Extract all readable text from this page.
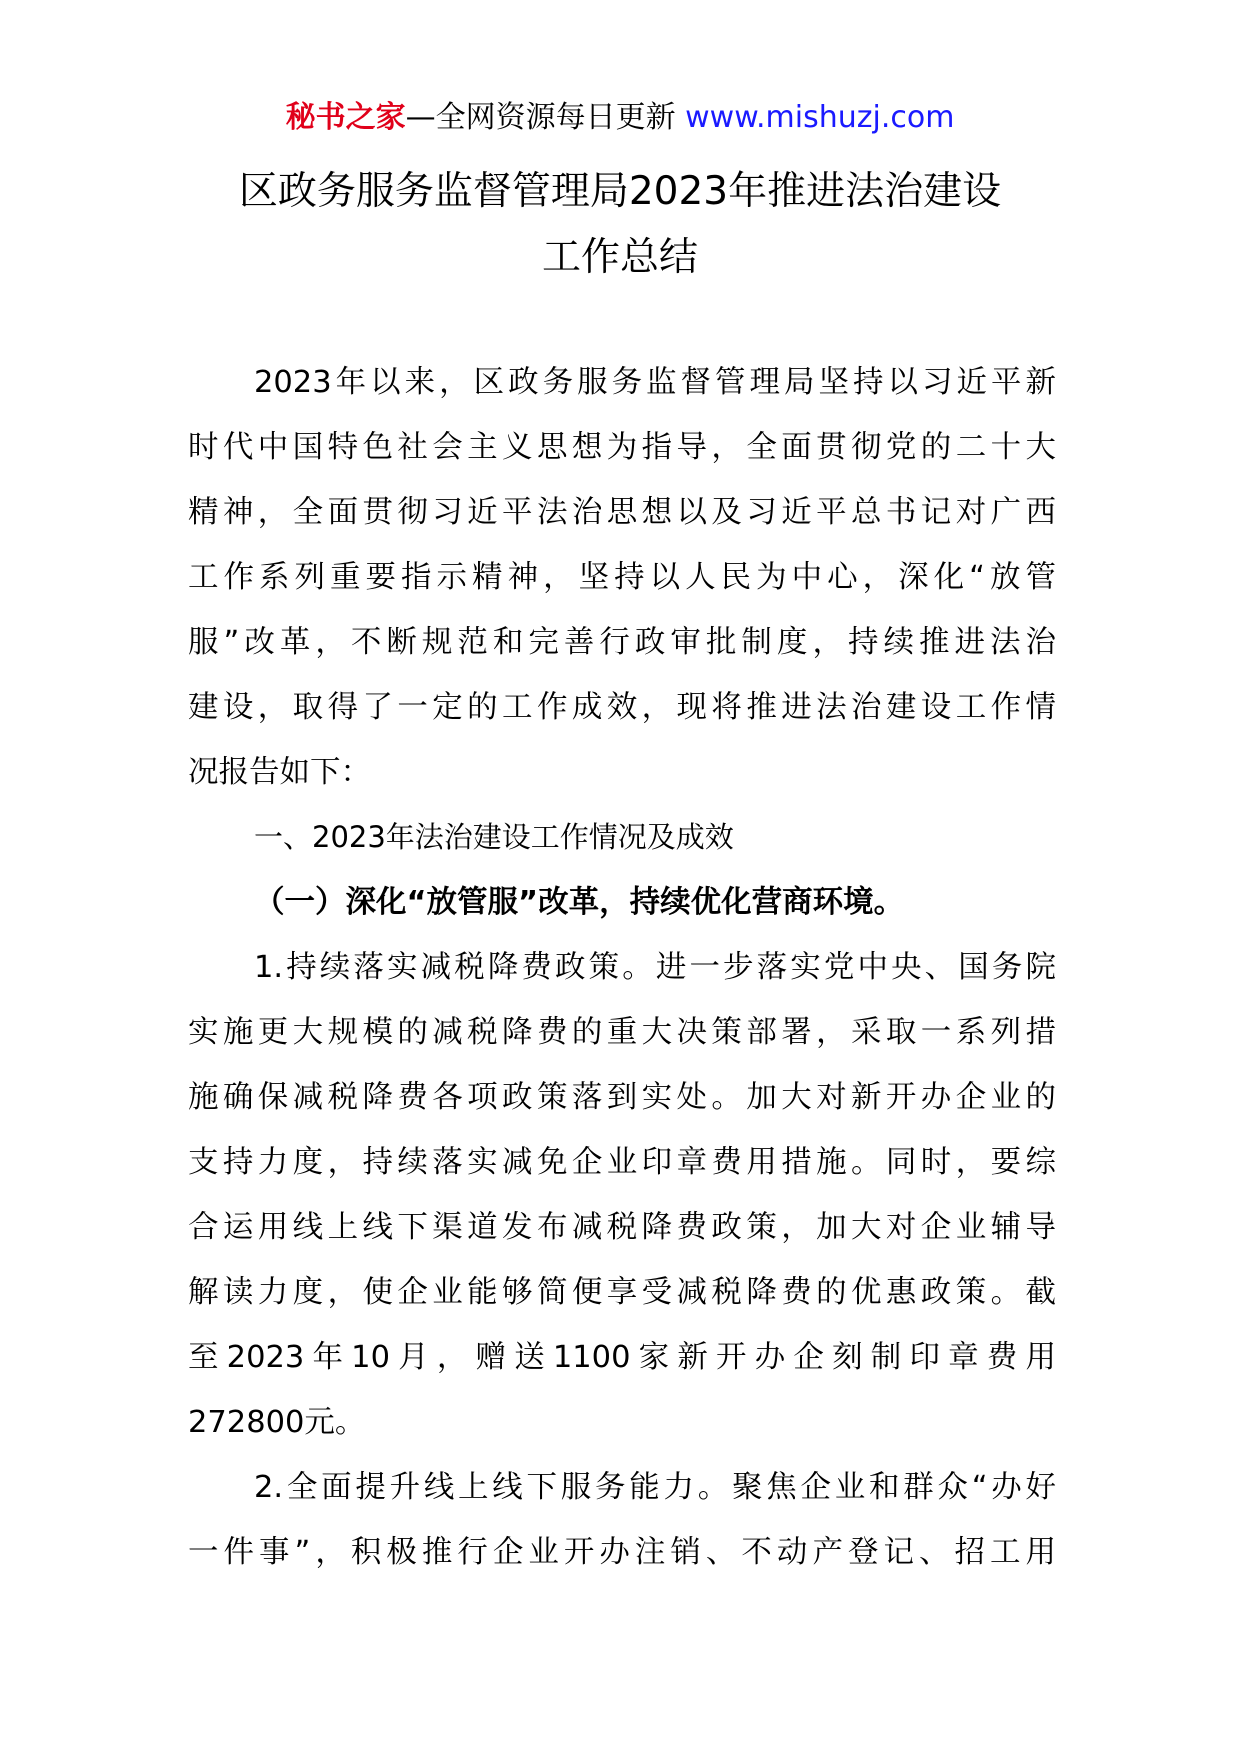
秘书之家—全网资源每日更新 www.mishuzj.com
区政务服务监督管理局2023年推进法治建设
工作总结
2023年以来，区政务服务监督管理局坚持以习近平新
时代中国特色社会主义思想为指导，全面贯彻党的二十大
精神，全面贯彻习近平法治思想以及习近平总书记对广西
工作系列重要指示精神，坚持以人民为中心，深化“放管
服”改革，不断规范和完善行政审批制度，持续推进法治
建设，取得了一定的工作成效，现将推进法治建设工作情
况报告如下：
一、2023年法治建设工作情况及成效
（一）深化“放管服”改革，持续优化营商环境。
1.持续落实减税降费政策。进一步落实党中央、国务院
实施更大规模的减税降费的重大决策部署，采取一系列措
施确保减税降费各项政策落到实处。加大对新开办企业的
支持力度，持续落实减免企业印章费用措施。同时，要综
合运用线上线下渠道发布减税降费政策，加大对企业辅导
解读力度，使企业能够简便享受减税降费的优惠政策。截
至2023年10月，赠送1100家新开办企刻制印章费用
272800元。
2.全面提升线上线下服务能力。聚焦企业和群众“办好
一件事”，积极推行企业开办注销、不动产登记、招工用
